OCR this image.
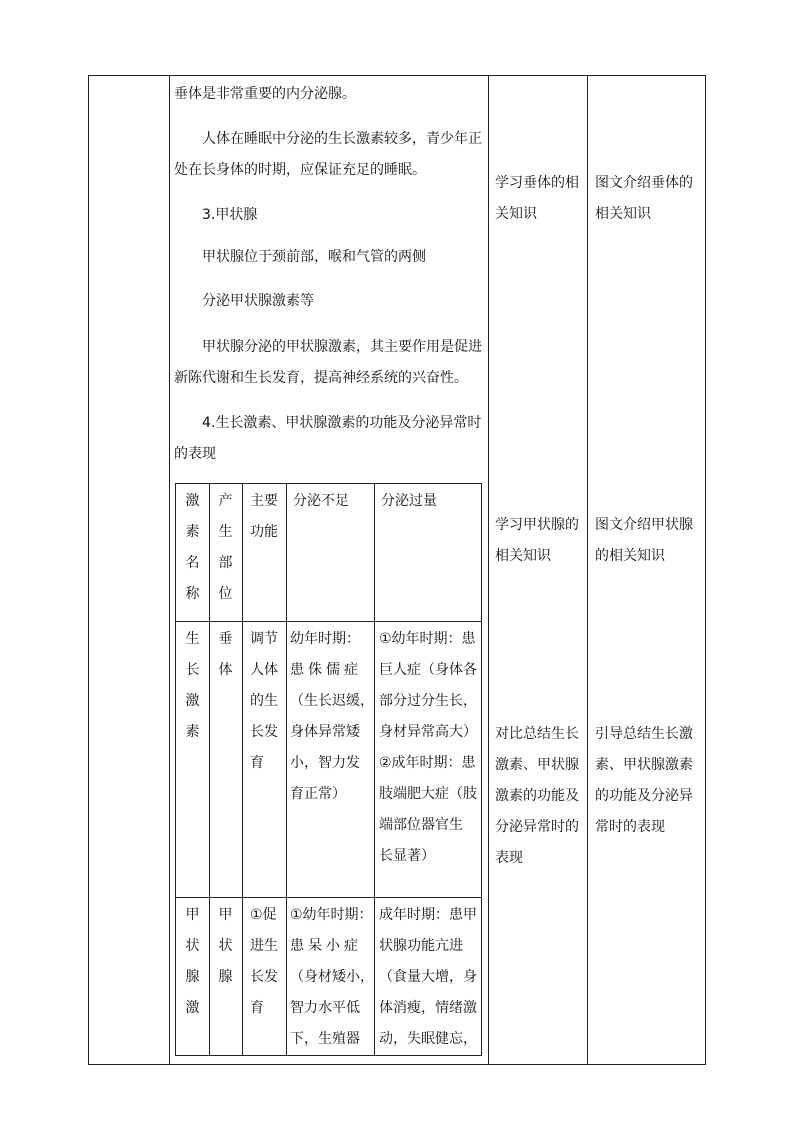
垂体是非常重要的内分泌腺。

人体在睡眠中分泌的生长激素较多，青少年正

处在长身体的时期，应保证充足的睡眠。

3.甲状腺

甲状腺位于颈前部，喉和气管的两侧

分泌甲状腺激素等

甲状腺分泌的甲状腺激素，其主要作用是促进

新陈代谢和生长发育，提高神经系统的兴奋性。

4.生长激素、甲状腺激素的功能及分泌异常时

的表现

激
素
名
称
产
生
部
位
主要
功能
分泌不足 分泌过量
生
长
激
素
垂
体
调节
人体
的生
长发
育
幼年时期：
患侏儒症
（生长迟缓，
身体异常矮
小，智力发
育正常）
①幼年时期：患
巨人症（身体各
部分过分生长，
身材异常高大）
②成年时期：患
肢端肥大症（肢
端部位器官生
长显著）
甲
状
腺
激
甲
状
腺
①促
进生
长发
育
①幼年时期：
患呆小症
（身材矮小，
智力水平低
下，生殖器
成年时期：患甲
状腺功能亢进
（食量大增，身
体消瘦，情绪激
动，失眠健忘，
学习垂体的相
关知识
学习甲状腺的
相关知识
对比总结生长
激素、甲状腺
激素的功能及
分泌异常时的
表现
图文介绍垂体的
相关知识
图文介绍甲状腺
的相关知识
引导总结生长激
素、甲状腺激素
的功能及分泌异
常时的表现
